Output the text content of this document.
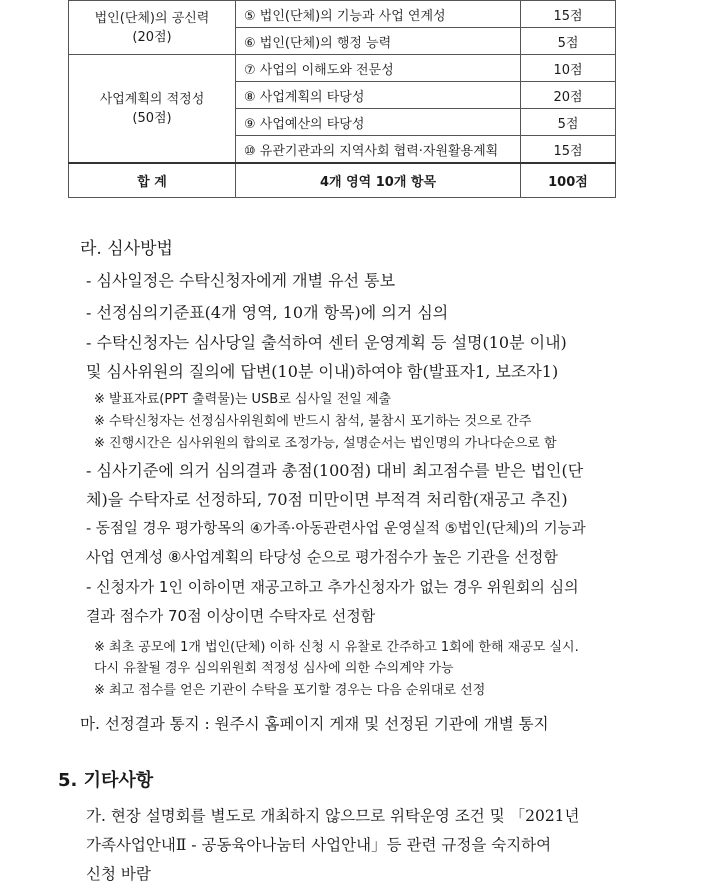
법인(단체)의 공신력
(20점)	⑤ 법인(단체)의 기능과 사업 연계성	15점
	⑥ 법인(단체)의 행정 능력	5점
사업계획의 적정성
(50점)	⑦ 사업의 이해도와 전문성	10점
	⑧ 사업계획의 타당성	20점
	⑨ 사업예산의 타당성	5점
	⑩ 유관기관과의 지역사회 협력·자원활용계획	15점
합 계	4개 영역 10개 항목	100점
라. 심사방법
- 심사일정은 수탁신청자에게 개별 유선 통보
- 선정심의기준표(4개 영역, 10개 항목)에 의거 심의
- 수탁신청자는 심사당일 출석하여 센터 운영계획 등 설명(10분 이내)
및 심사위원의 질의에 답변(10분 이내)하여야 함(발표자1, 보조자1)
※ 발표자료(PPT 출력물)는 USB로 심사일 전일 제출
※ 수탁신청자는 선정심사위원회에 반드시 참석, 불참시 포기하는 것으로 간주
※ 진행시간은 심사위원의 합의로 조정가능, 설명순서는 법인명의 가나다순으로 함
- 심사기준에 의거 심의결과 총점(100점) 대비 최고점수를 받은 법인(단
체)을 수탁자로 선정하되, 70점 미만이면 부적격 처리함(재공고 추진)
- 동점일 경우 평가항목의 ④가족·아동관련사업 운영실적 ⑤법인(단체)의 기능과
사업 연계성 ⑧사업계획의 타당성 순으로 평가점수가 높은 기관을 선정함
- 신청자가 1인 이하이면 재공고하고 추가신청자가 없는 경우 위원회의 심의
결과 점수가 70점 이상이면 수탁자로 선정함
※ 최초 공모에 1개 법인(단체) 이하 신청 시 유찰로 간주하고 1회에 한해 재공모 실시.
다시 유찰될 경우 심의위원회 적정성 심사에 의한 수의계약 가능
※ 최고 점수를 얻은 기관이 수탁을 포기할 경우는 다음 순위대로 선정
마. 선정결과 통지 : 원주시 홈페이지 게재 및 선정된 기관에 개별 통지
5. 기타사항
가. 현장 설명회를 별도로 개최하지 않으므로 위탁운영 조건 및 「2021년
가족사업안내Ⅱ - 공동육아나눔터 사업안내」등 관련 규정을 숙지하여
신청 바람
